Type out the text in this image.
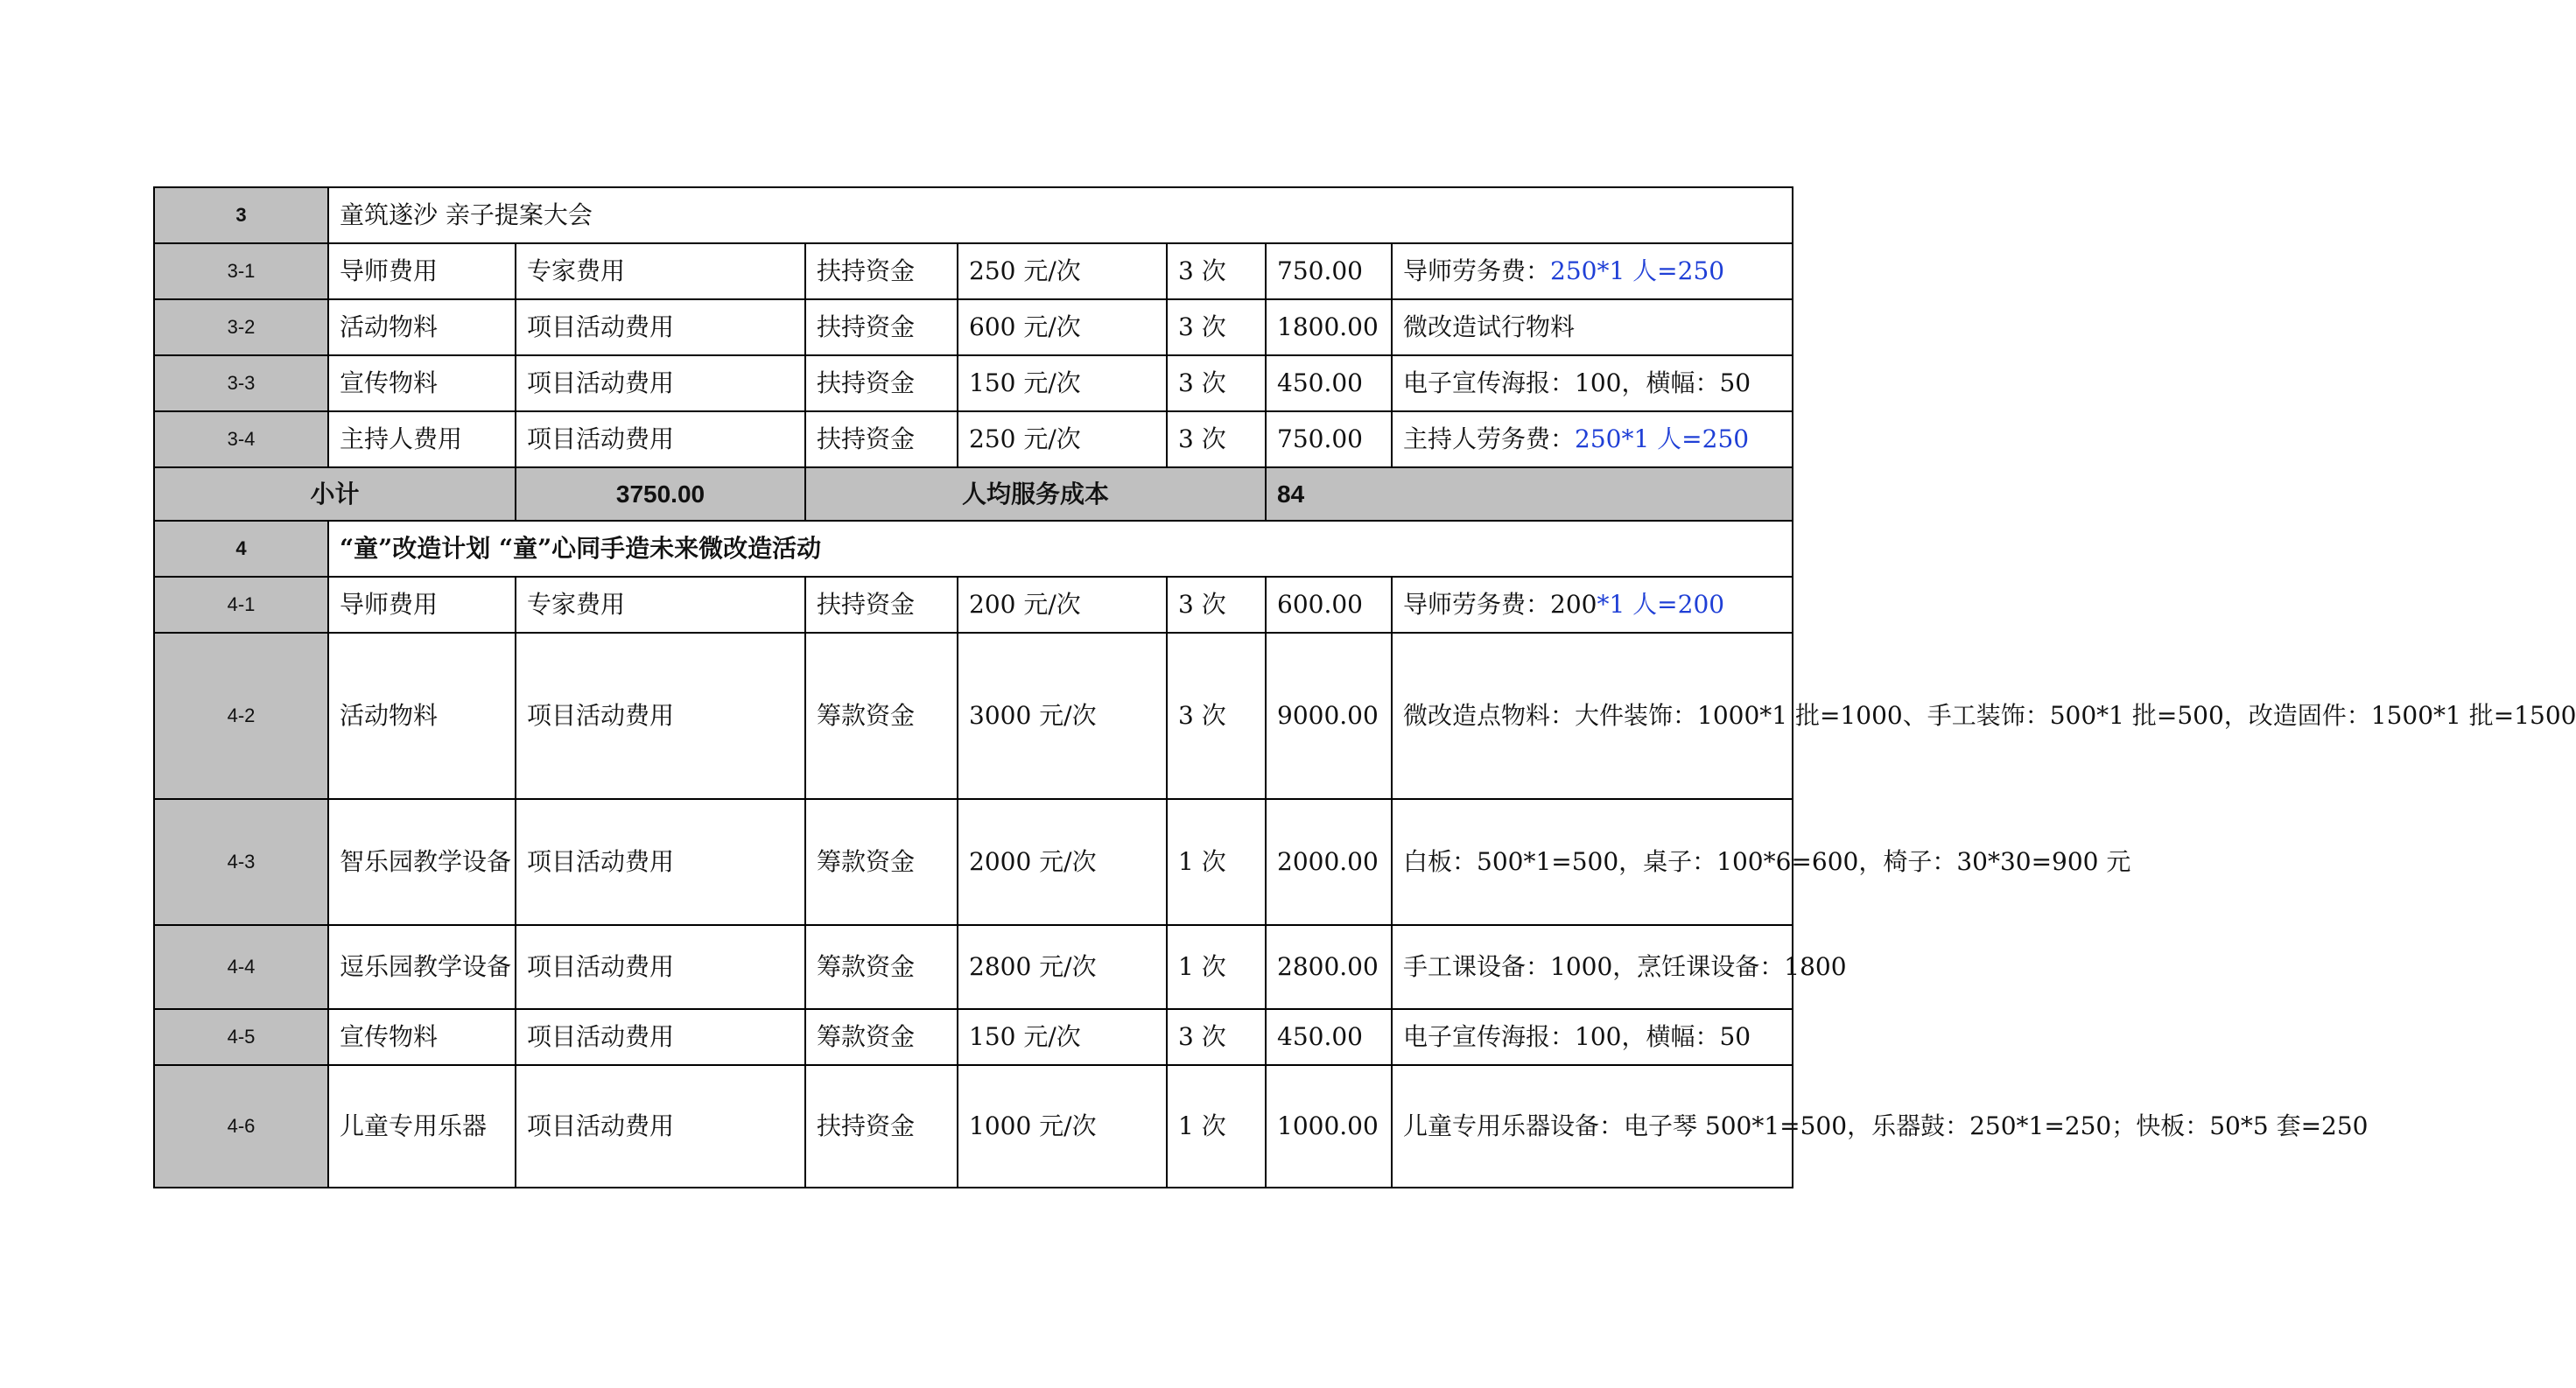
3	童筑遂沙 亲子提案大会						
3-1	导师费用	专家费用	扶持资金	250 元/次	3 次	750.00	导师劳务费：250*1 人=250
3-2	活动物料	项目活动费用	扶持资金	600 元/次	3 次	1800.00	微改造试行物料
3-3	宣传物料	项目活动费用	扶持资金	150 元/次	3 次	450.00	电子宣传海报：100，横幅：50
3-4	主持人费用	项目活动费用	扶持资金	250 元/次	3 次	750.00	主持人劳务费：250*1 人=250
小计		3750.00	人均服务成本			84	
4	“童”改造计划 “童”心同手造未来微改造活动						
4-1	导师费用	专家费用	扶持资金	200 元/次	3 次	600.00	导师劳务费：200*1 人=200
4-2	活动物料	项目活动费用	筹款资金	3000 元/次	3 次	9000.00	微改造点物料：大件装饰：1000*1 批=1000、手工装饰：500*1 批=500，改造固件：1500*1 批=1500
4-3	智乐园教学设备	项目活动费用	筹款资金	2000 元/次	1 次	2000.00	白板：500*1=500，桌子：100*6=600，椅子：30*30=900 元
4-4	逗乐园教学设备	项目活动费用	筹款资金	2800 元/次	1 次	2800.00	手工课设备：1000，烹饪课设备：1800
4-5	宣传物料	项目活动费用	筹款资金	150 元/次	3 次	450.00	电子宣传海报：100，横幅：50
4-6	儿童专用乐器	项目活动费用	扶持资金	1000 元/次	1 次	1000.00	儿童专用乐器设备：电子琴 500*1=500，乐器鼓：250*1=250；快板：50*5 套=250
